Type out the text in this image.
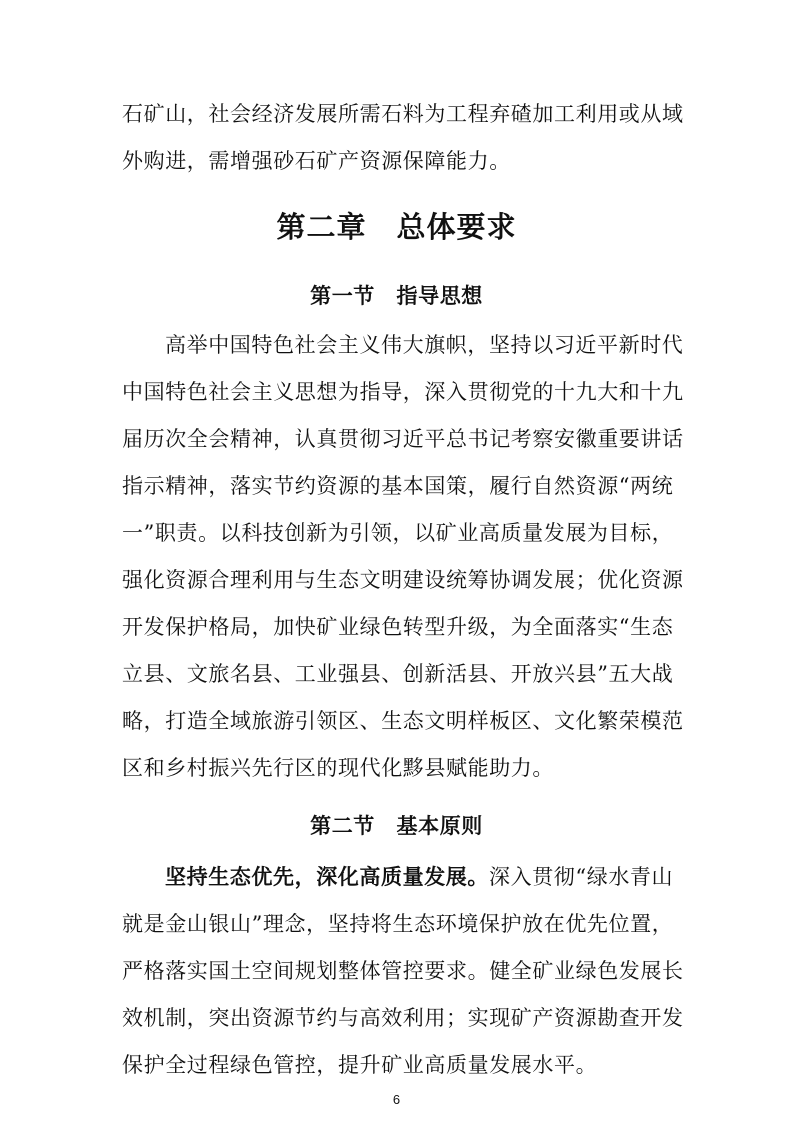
石矿山，社会经济发展所需石料为工程弃碴加工利用或从域
外购进，需增强砂石矿产资源保障能力。
第二章　总体要求
第一节　指导思想
高举中国特色社会主义伟大旗帜，坚持以习近平新时代
中国特色社会主义思想为指导，深入贯彻党的十九大和十九
届历次全会精神，认真贯彻习近平总书记考察安徽重要讲话
指示精神，落实节约资源的基本国策，履行自然资源“两统
一”职责。以科技创新为引领，以矿业高质量发展为目标，
强化资源合理利用与生态文明建设统筹协调发展；优化资源
开发保护格局，加快矿业绿色转型升级，为全面落实“生态
立县、文旅名县、工业强县、创新活县、开放兴县”五大战
略，打造全域旅游引领区、生态文明样板区、文化繁荣模范
区和乡村振兴先行区的现代化黟县赋能助力。
第二节　基本原则
坚持生态优先，深化高质量发展。深入贯彻“绿水青山
就是金山银山”理念，坚持将生态环境保护放在优先位置，
严格落实国土空间规划整体管控要求。健全矿业绿色发展长
效机制，突出资源节约与高效利用；实现矿产资源勘查开发
保护全过程绿色管控，提升矿业高质量发展水平。
6
